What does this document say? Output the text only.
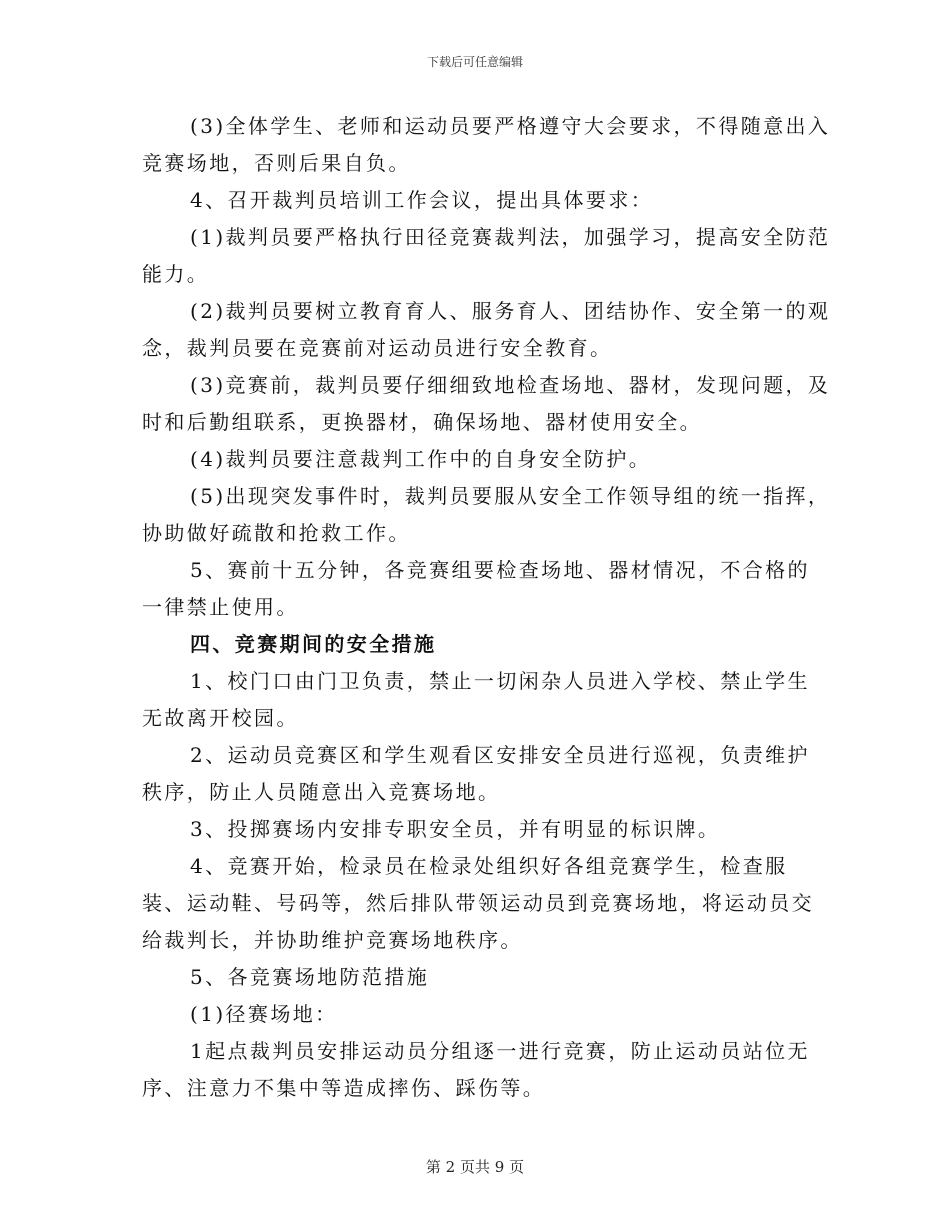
下载后可任意编辑

(3)全体学生、老师和运动员要严格遵守大会要求，不得随意出入竞赛场地，否则后果自负。

4、召开裁判员培训工作会议，提出具体要求：

(1)裁判员要严格执行田径竞赛裁判法，加强学习，提高安全防范能力。

(2)裁判员要树立教育育人、服务育人、团结协作、安全第一的观念，裁判员要在竞赛前对运动员进行安全教育。

(3)竞赛前，裁判员要仔细细致地检查场地、器材，发现问题，及时和后勤组联系，更换器材，确保场地、器材使用安全。

(4)裁判员要注意裁判工作中的自身安全防护。

(5)出现突发事件时，裁判员要服从安全工作领导组的统一指挥，协助做好疏散和抢救工作。

5、赛前十五分钟，各竞赛组要检查场地、器材情况，不合格的一律禁止使用。

四、竞赛期间的安全措施

1、校门口由门卫负责，禁止一切闲杂人员进入学校、禁止学生无故离开校园。

2、运动员竞赛区和学生观看区安排安全员进行巡视，负责维护秩序，防止人员随意出入竞赛场地。

3、投掷赛场内安排专职安全员，并有明显的标识牌。

4、竞赛开始，检录员在检录处组织好各组竞赛学生，检查服装、运动鞋、号码等，然后排队带领运动员到竞赛场地，将运动员交给裁判长，并协助维护竞赛场地秩序。

5、各竞赛场地防范措施

(1)径赛场地：

1起点裁判员安排运动员分组逐一进行竞赛，防止运动员站位无序、注意力不集中等造成摔伤、踩伤等。

第 2 页共 9 页
